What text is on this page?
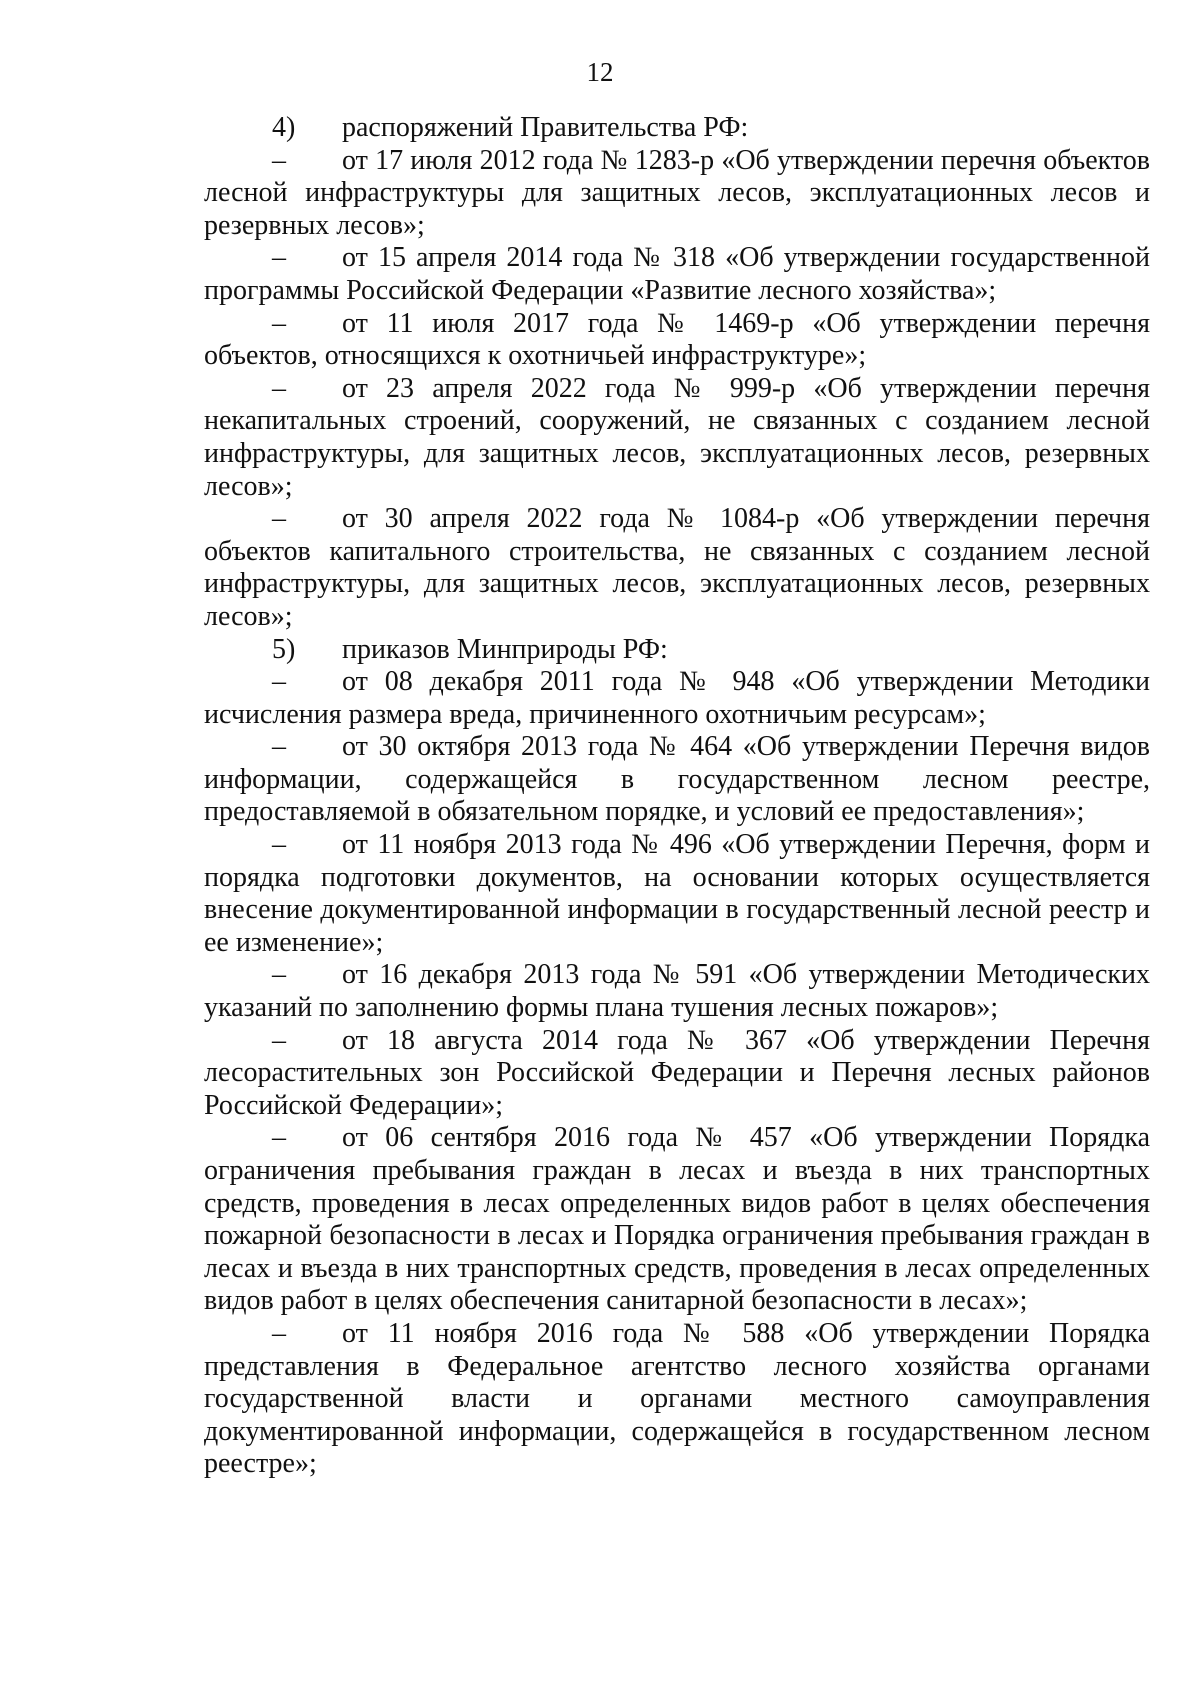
12

4) распоряжений Правительства РФ:

– от 17 июля 2012 года № 1283-р «Об утверждении перечня объектов лесной инфраструктуры для защитных лесов, эксплуатационных лесов и резервных лесов»;

– от 15 апреля 2014 года № 318 «Об утверждении государственной программы Российской Федерации «Развитие лесного хозяйства»;

– от 11 июля 2017 года № 1469-р «Об утверждении перечня объектов, относящихся к охотничьей инфраструктуре»;

– от 23 апреля 2022 года № 999-р «Об утверждении перечня некапитальных строений, сооружений, не связанных с созданием лесной инфраструктуры, для защитных лесов, эксплуатационных лесов, резервных лесов»;

– от 30 апреля 2022 года № 1084-р «Об утверждении перечня объектов капитального строительства, не связанных с созданием лесной инфраструктуры, для защитных лесов, эксплуатационных лесов, резервных лесов»;

5) приказов Минприроды РФ:

– от 08 декабря 2011 года № 948 «Об утверждении Методики исчисления размера вреда, причиненного охотничьим ресурсам»;

– от 30 октября 2013 года № 464 «Об утверждении Перечня видов информации, содержащейся в государственном лесном реестре, предоставляемой в обязательном порядке, и условий ее предоставления»;

– от 11 ноября 2013 года № 496 «Об утверждении Перечня, форм и порядка подготовки документов, на основании которых осуществляется внесение документированной информации в государственный лесной реестр и ее изменение»;

– от 16 декабря 2013 года № 591 «Об утверждении Методических указаний по заполнению формы плана тушения лесных пожаров»;

– от 18 августа 2014 года № 367 «Об утверждении Перечня лесорастительных зон Российской Федерации и Перечня лесных районов Российской Федерации»;

– от 06 сентября 2016 года № 457 «Об утверждении Порядка ограничения пребывания граждан в лесах и въезда в них транспортных средств, проведения в лесах определенных видов работ в целях обеспечения пожарной безопасности в лесах и Порядка ограничения пребывания граждан в лесах и въезда в них транспортных средств, проведения в лесах определенных видов работ в целях обеспечения санитарной безопасности в лесах»;

– от 11 ноября 2016 года № 588 «Об утверждении Порядка представления в Федеральное агентство лесного хозяйства органами государственной власти и органами местного самоуправления документированной информации, содержащейся в государственном лесном реестре»;
